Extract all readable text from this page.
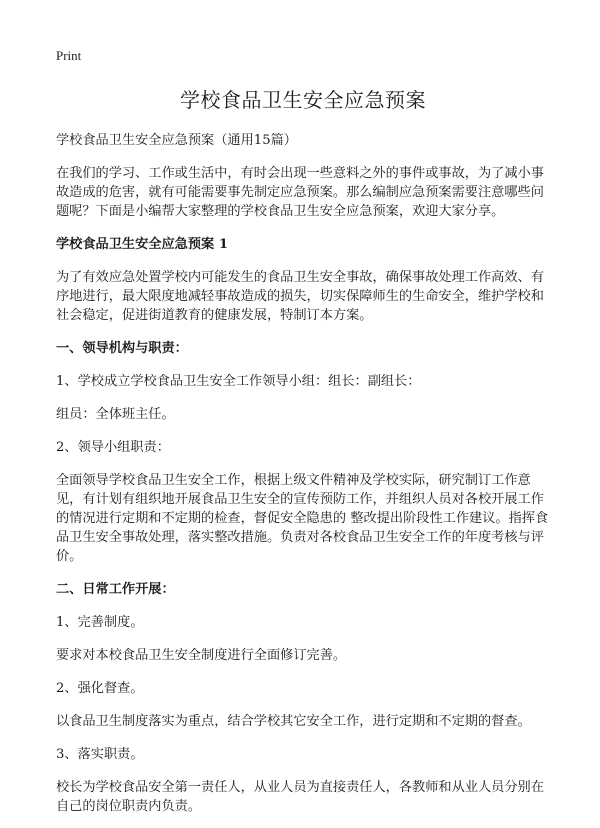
Print
学校食品卫生安全应急预案

学校食品卫生安全应急预案（通用15篇）

在我们的学习、工作或生活中，有时会出现一些意料之外的事件或事故，为了减小事故造成的危害，就有可能需要事先制定应急预案。那么编制应急预案需要注意哪些问题呢？下面是小编帮大家整理的学校食品卫生安全应急预案，欢迎大家分享。

学校食品卫生安全应急预案 1

为了有效应急处置学校内可能发生的食品卫生安全事故，确保事故处理工作高效、有序地进行，最大限度地减轻事故造成的损失，切实保障师生的生命安全，维护学校和社会稳定，促进街道教育的健康发展，特制订本方案。

一、领导机构与职责：

1、学校成立学校食品卫生安全工作领导小组：组长：副组长：

组员：全体班主任。

2、领导小组职责：

全面领导学校食品卫生安全工作，根据上级文件精神及学校实际，研究制订工作意见，有计划有组织地开展食品卫生安全的宣传预防工作，并组织人员对各校开展工作的情况进行定期和不定期的检查，督促安全隐患的 整改提出阶段性工作建议。指挥食品卫生安全事故处理，落实整改措施。负责对各校食品卫生安全工作的年度考核与评价。

二、日常工作开展：

1、完善制度。

要求对本校食品卫生安全制度进行全面修订完善。

2、强化督查。

以食品卫生制度落实为重点，结合学校其它安全工作，进行定期和不定期的督查。

3、落实职责。

校长为学校食品安全第一责任人，从业人员为直接责任人，各教师和从业人员分别在自己的岗位职责内负责。
